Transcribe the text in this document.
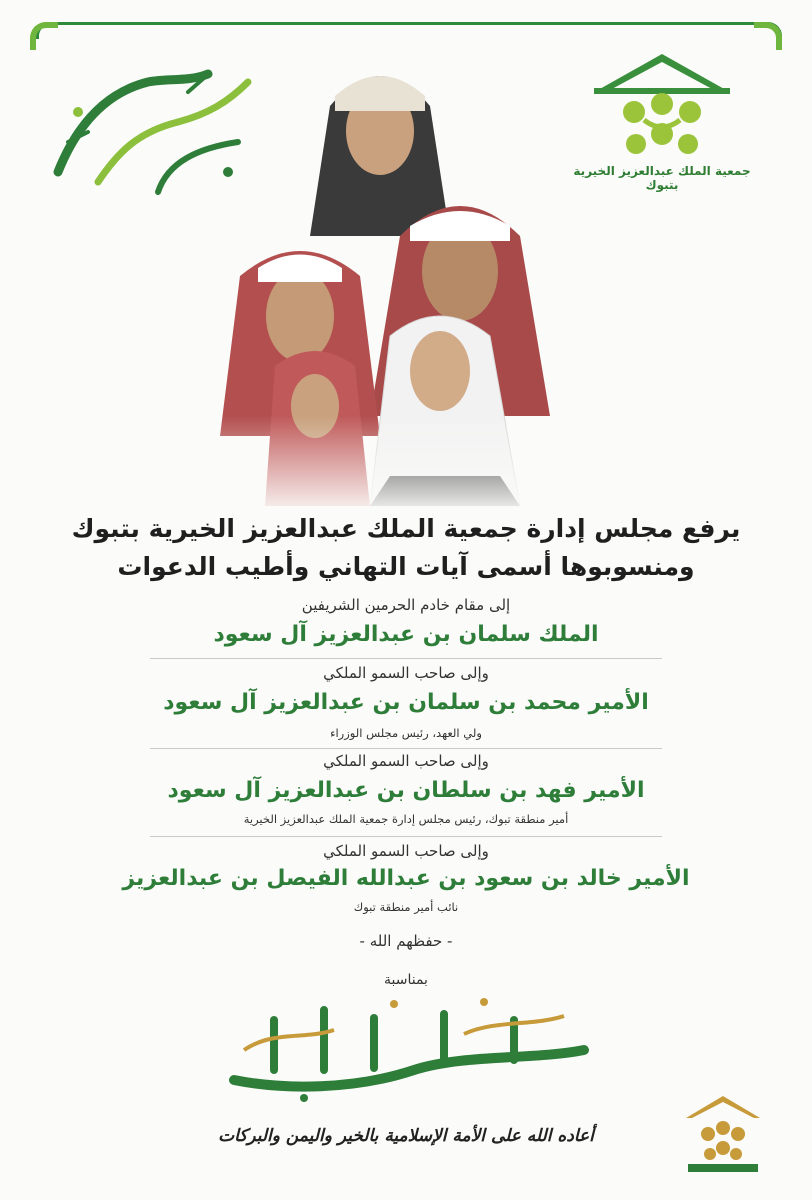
جمعية الملك عبدالعزيز الخيرية بتبوك
يرفع مجلس إدارة جمعية الملك عبدالعزيز الخيرية بتبوك
ومنسوبوها أسمى آيات التهاني وأطيب الدعوات
إلى مقام خادم الحرمين الشريفين
الملك سلمان بن عبدالعزيز آل سعود
وإلى صاحب السمو الملكي
الأمير محمد بن سلمان بن عبدالعزيز آل سعود
ولي العهد، رئيس مجلس الوزراء
وإلى صاحب السمو الملكي
الأمير فهد بن سلطان بن عبدالعزيز آل سعود
أمير منطقة تبوك، رئيس مجلس إدارة جمعية الملك عبدالعزيز الخيرية
وإلى صاحب السمو الملكي
الأمير خالد بن سعود بن عبدالله الفيصل بن عبدالعزيز
نائب أمير منطقة تبوك
- حفظهم الله -
بمناسبة
أعاده الله على الأمة الإسلامية بالخير واليمن والبركات
